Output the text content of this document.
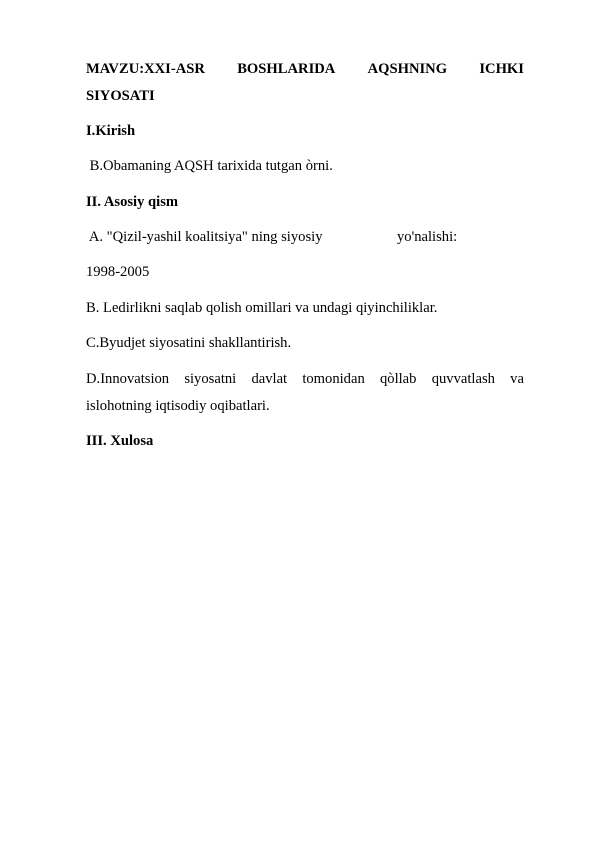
MAVZU:XXI-ASR BOSHLARIDA AQSHNING ICHKI
SIYOSATI
I.Kirish
B.Obamaning AQSH tarixida tutgan òrni.
II. Asosiy qism
A. "Qizil-yashil koalitsiya" ning siyosiy	yo'nalishi:
1998-2005
B. Ledirlikni saqlab qolish omillari va undagi qiyinchiliklar.
C.Byudjet siyosatini shakllantirish.
D.Innovatsion siyosatni davlat tomonidan qòllab quvvatlash va
islohotning iqtisodiy oqibatlari.
III. Xulosa
